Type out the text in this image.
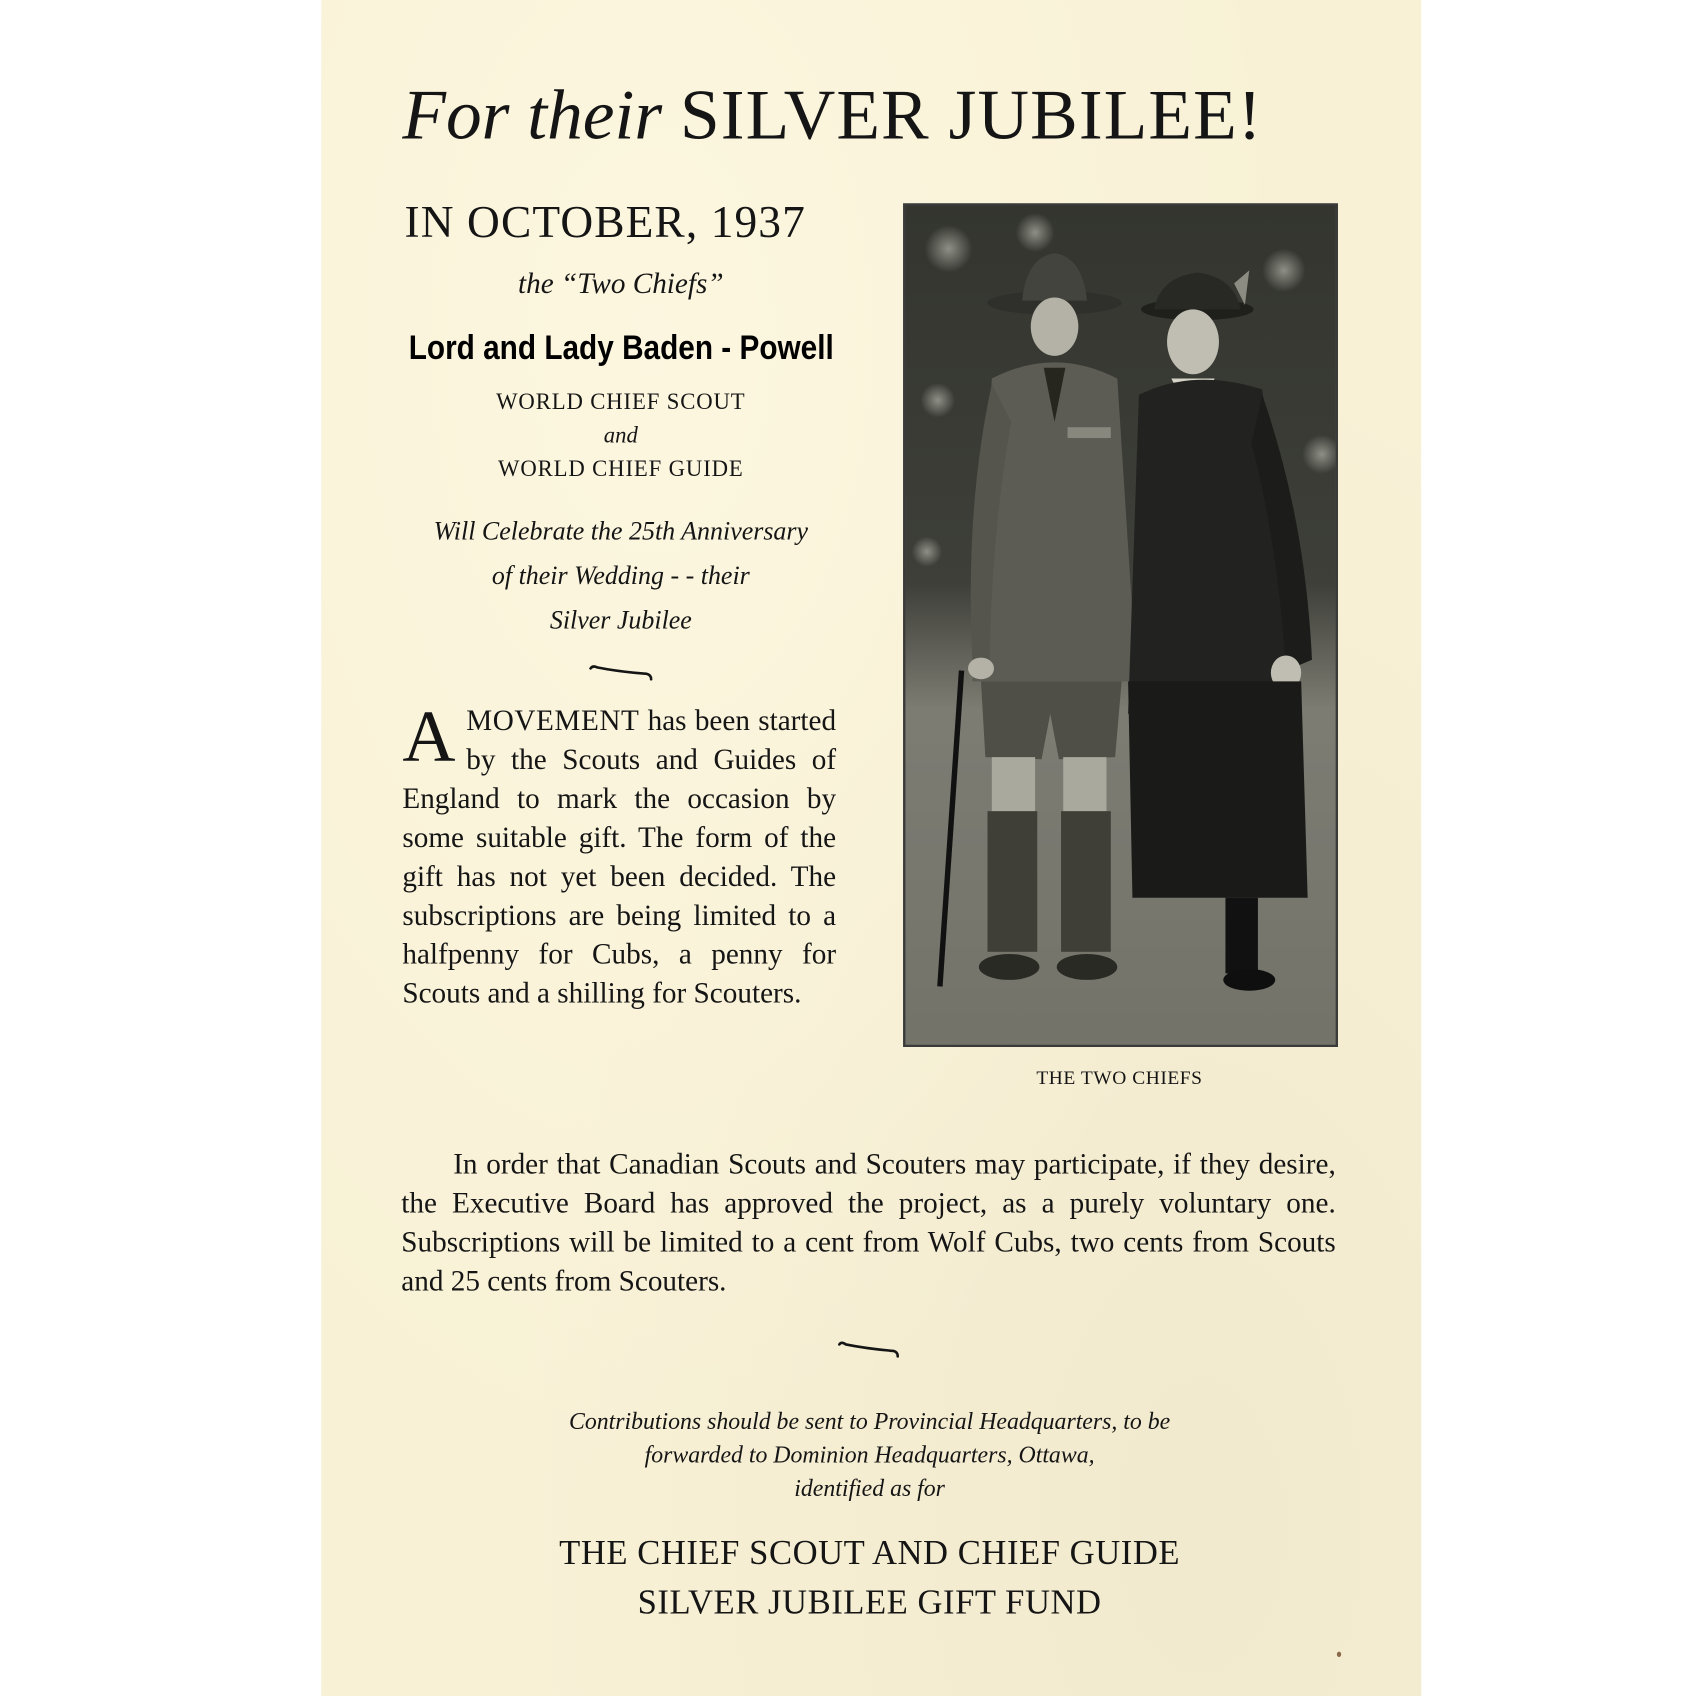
For their SILVER JUBILEE!
IN OCTOBER, 1937
the “Two Chiefs”
Lord and Lady Baden - Powell
WORLD CHIEF SCOUT
and
WORLD CHIEF GUIDE
Will Celebrate the 25th Anniversary
of their Wedding - - their
Silver Jubilee
AMOVEMENT has been started by the Scouts and Guides of England to mark the occasion by some suitable gift. The form of the gift has not yet been decided. The subscriptions are being limited to a halfpenny for Cubs, a penny for Scouts and a shilling for Scouters.
THE TWO CHIEFS
In order that Canadian Scouts and Scouters may participate, if they desire, the Executive Board has approved the project, as a purely voluntary one. Subscriptions will be limited to a cent from Wolf Cubs, two cents from Scouts and 25 cents from Scouters.
Contributions should be sent to Provincial Headquarters, to be
forwarded to Dominion Headquarters, Ottawa,
identified as for
THE CHIEF SCOUT AND CHIEF GUIDE
SILVER JUBILEE GIFT FUND
